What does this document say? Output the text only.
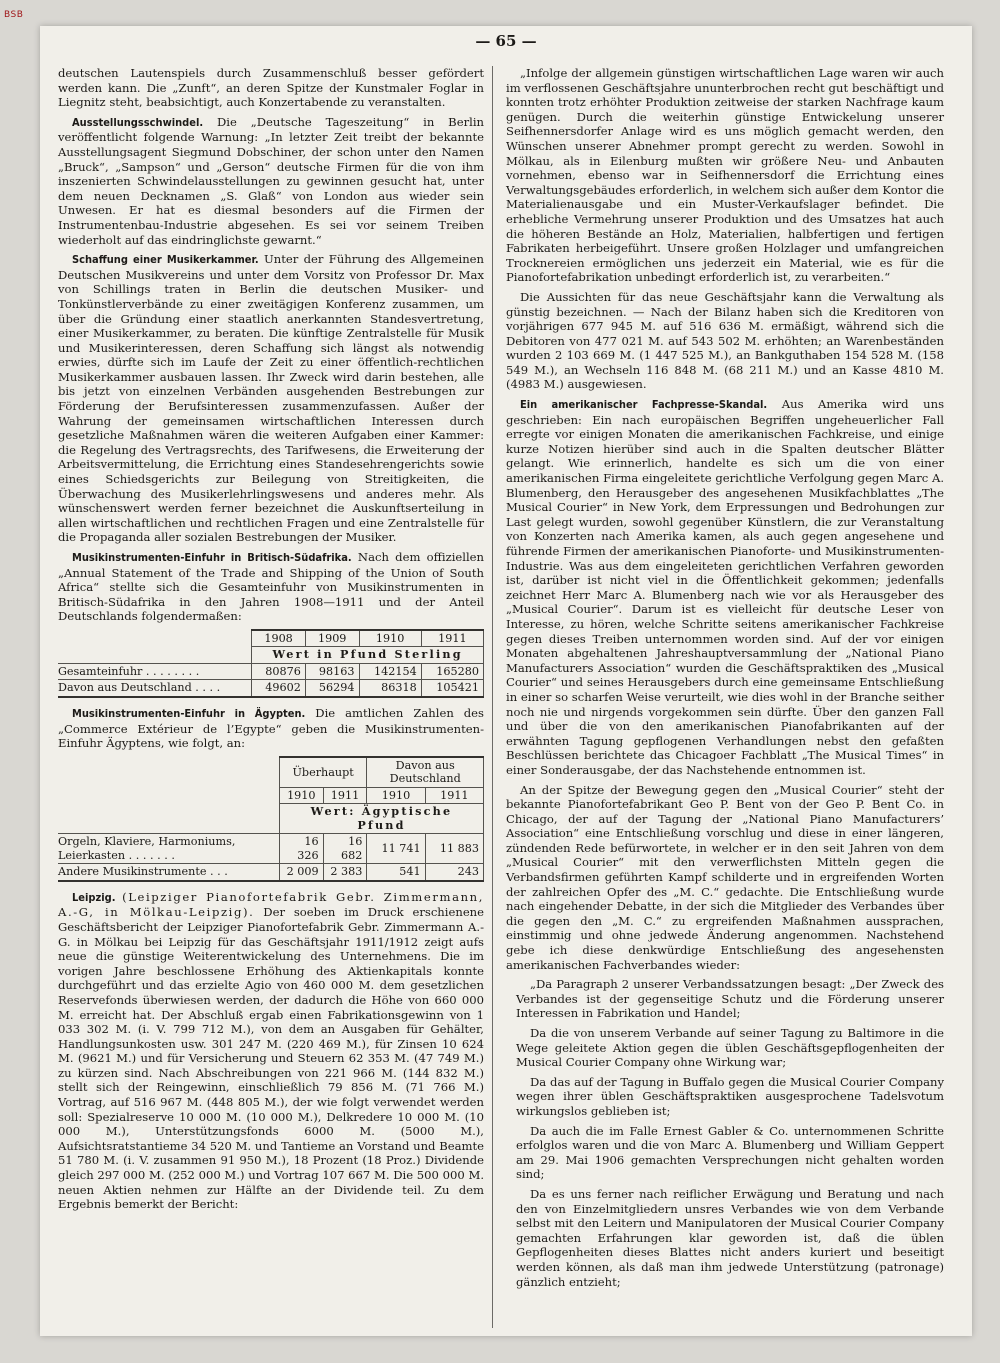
BSB
— 65 —

deutschen Lautenspiels durch Zusammenschluß besser gefördert werden kann. Die „Zunft“, an deren Spitze der Kunstmaler Foglar in Liegnitz steht, beabsichtigt, auch Konzertabende zu veranstalten.

Ausstellungsschwindel. Die „Deutsche Tageszeitung“ in Berlin veröffentlicht folgende Warnung: „In letzter Zeit treibt der bekannte Ausstellungsagent Siegmund Dobschiner, der schon unter den Namen „Bruck“, „Sampson“ und „Gerson“ deutsche Firmen für die von ihm inszenierten Schwindelausstellungen zu gewinnen gesucht hat, unter dem neuen Decknamen „S. Glaß“ von London aus wieder sein Unwesen. Er hat es diesmal besonders auf die Firmen der Instrumentenbau-Industrie abgesehen. Es sei vor seinem Treiben wiederholt auf das eindringlichste gewarnt.“

Schaffung einer Musikerkammer. Unter der Führung des Allgemeinen Deutschen Musikvereins und unter dem Vorsitz von Professor Dr. Max von Schillings traten in Berlin die deutschen Musiker- und Tonkünstlerverbände zu einer zweitägigen Konferenz zusammen, um über die Gründung einer staatlich anerkannten Standesvertretung, einer Musikerkammer, zu beraten. Die künftige Zentralstelle für Musik und Musikerinteressen, deren Schaffung sich längst als notwendig erwies, dürfte sich im Laufe der Zeit zu einer öffentlich-rechtlichen Musikerkammer ausbauen lassen. Ihr Zweck wird darin bestehen, alle bis jetzt von einzelnen Verbänden ausgehenden Bestrebungen zur Förderung der Berufsinteressen zusammenzufassen. Außer der Wahrung der gemeinsamen wirtschaftlichen Interessen durch gesetzliche Maßnahmen wären die weiteren Aufgaben einer Kammer: die Regelung des Vertragsrechts, des Tarifwesens, die Erweiterung der Arbeitsvermittelung, die Errichtung eines Standesehrengerichts sowie eines Schiedsgerichts zur Beilegung von Streitigkeiten, die Überwachung des Musikerlehrlingswesens und anderes mehr. Als wünschenswert werden ferner bezeichnet die Auskunftserteilung in allen wirtschaftlichen und rechtlichen Fragen und eine Zentralstelle für die Propaganda aller sozialen Bestrebungen der Musiker.

Musikinstrumenten-Einfuhr in Britisch-Südafrika. Nach dem offiziellen „Annual Statement of the Trade and Shipping of the Union of South Africa“ stellte sich die Gesamteinfuhr von Musikinstrumenten in Britisch-Südafrika in den Jahren 1908—1911 und der Anteil Deutschlands folgendermaßen:

	1908	1909	1910	1911
	Wert in Pfund Sterling			
Gesamteinfuhr . . . . . . . .	80876	98163	142154	165280
Davon aus Deutschland . . . .	49602	56294	86318	105421

Musikinstrumenten-Einfuhr in Ägypten. Die amtlichen Zahlen des „Commerce Extérieur de l’Egypte“ geben die Musikinstrumenten-Einfuhr Ägyptens, wie folgt, an:

	Überhaupt		Davon aus Deutschland	
	1910	1911	1910	1911
	Wert: Ägyptische Pfund			
Orgeln, Klaviere, Harmoniums, Leierkasten . . . . . . .	16 326	16 682	11 741	11 883
Andere Musikinstrumente . . .	2 009	2 383	541	243

Leipzig. (Leipziger Pianofortefabrik Gebr. Zimmermann, A.-G, in Mölkau-Leipzig). Der soeben im Druck erschienene Geschäftsbericht der Leipziger Pianofortefabrik Gebr. Zimmermann A.-G. in Mölkau bei Leipzig für das Geschäftsjahr 1911/1912 zeigt aufs neue die günstige Weiterentwickelung des Unternehmens. Die im vorigen Jahre beschlossene Erhöhung des Aktienkapitals konnte durchgeführt und das erzielte Agio von 460 000 M. dem gesetzlichen Reservefonds überwiesen werden, der dadurch die Höhe von 660 000 M. erreicht hat. Der Abschluß ergab einen Fabrikationsgewinn von 1 033 302 M. (i. V. 799 712 M.), von dem an Ausgaben für Gehälter, Handlungsunkosten usw. 301 247 M. (220 469 M.), für Zinsen 10 624 M. (9621 M.) und für Versicherung und Steuern 62 353 M. (47 749 M.) zu kürzen sind. Nach Abschreibungen von 221 966 M. (144 832 M.) stellt sich der Reingewinn, einschließlich 79 856 M. (71 766 M.) Vortrag, auf 516 967 M. (448 805 M.), der wie folgt verwendet werden soll: Spezialreserve 10 000 M. (10 000 M.), Delkredere 10 000 M. (10 000 M.), Unterstützungsfonds 6000 M. (5000 M.), Aufsichtsratstantieme 34 520 M. und Tantieme an Vorstand und Beamte 51 780 M. (i. V. zusammen 91 950 M.), 18 Prozent (18 Proz.) Dividende gleich 297 000 M. (252 000 M.) und Vortrag 107 667 M. Die 500 000 M. neuen Aktien nehmen zur Hälfte an der Dividende teil. Zu dem Ergebnis bemerkt der Bericht:

„Infolge der allgemein günstigen wirtschaftlichen Lage waren wir auch im verflossenen Geschäftsjahre ununterbrochen recht gut beschäftigt und konnten trotz erhöhter Produktion zeitweise der starken Nachfrage kaum genügen. Durch die weiterhin günstige Entwickelung unserer Seifhennersdorfer Anlage wird es uns möglich gemacht werden, den Wünschen unserer Abnehmer prompt gerecht zu werden. Sowohl in Mölkau, als in Eilenburg mußten wir größere Neu- und Anbauten vornehmen, ebenso war in Seifhennersdorf die Errichtung eines Verwaltungsgebäudes erforderlich, in welchem sich außer dem Kontor die Materialienausgabe und ein Muster-Verkaufslager befindet. Die erhebliche Vermehrung unserer Produktion und des Umsatzes hat auch die höheren Bestände an Holz, Materialien, halbfertigen und fertigen Fabrikaten herbeigeführt. Unsere großen Holzlager und umfangreichen Trocknereien ermöglichen uns jederzeit ein Material, wie es für die Pianofortefabrikation unbedingt erforderlich ist, zu verarbeiten.“

Die Aussichten für das neue Geschäftsjahr kann die Verwaltung als günstig bezeichnen. — Nach der Bilanz haben sich die Kreditoren von vorjährigen 677 945 M. auf 516 636 M. ermäßigt, während sich die Debitoren von 477 021 M. auf 543 502 M. erhöhten; an Warenbeständen wurden 2 103 669 M. (1 447 525 M.), an Bankguthaben 154 528 M. (158 549 M.), an Wechseln 116 848 M. (68 211 M.) und an Kasse 4810 M. (4983 M.) ausgewiesen.

Ein amerikanischer Fachpresse-Skandal. Aus Amerika wird uns geschrieben: Ein nach europäischen Begriffen ungeheuerlicher Fall erregte vor einigen Monaten die amerikanischen Fachkreise, und einige kurze Notizen hierüber sind auch in die Spalten deutscher Blätter gelangt. Wie erinnerlich, handelte es sich um die von einer amerikanischen Firma eingeleitete gerichtliche Verfolgung gegen Marc A. Blumenberg, den Herausgeber des angesehenen Musikfachblattes „The Musical Courier“ in New York, dem Erpressungen und Bedrohungen zur Last gelegt wurden, sowohl gegenüber Künstlern, die zur Veranstaltung von Konzerten nach Amerika kamen, als auch gegen angesehene und führende Firmen der amerikanischen Pianoforte- und Musikinstrumenten-Industrie. Was aus dem eingeleiteten gerichtlichen Verfahren geworden ist, darüber ist nicht viel in die Öffentlichkeit gekommen; jedenfalls zeichnet Herr Marc A. Blumenberg nach wie vor als Herausgeber des „Musical Courier“. Darum ist es vielleicht für deutsche Leser von Interesse, zu hören, welche Schritte seitens amerikanischer Fachkreise gegen dieses Treiben unternommen worden sind. Auf der vor einigen Monaten abgehaltenen Jahreshauptversammlung der „National Piano Manufacturers Association“ wurden die Geschäftspraktiken des „Musical Courier“ und seines Herausgebers durch eine gemeinsame Entschließung in einer so scharfen Weise verurteilt, wie dies wohl in der Branche seither noch nie und nirgends vorgekommen sein dürfte. Über den ganzen Fall und über die von den amerikanischen Pianofabrikanten auf der erwähnten Tagung gepflogenen Verhandlungen nebst den gefaßten Beschlüssen berichtete das Chicagoer Fachblatt „The Musical Times“ in einer Sonderausgabe, der das Nachstehende entnommen ist.

An der Spitze der Bewegung gegen den „Musical Courier“ steht der bekannte Pianofortefabrikant Geo P. Bent von der Geo P. Bent Co. in Chicago, der auf der Tagung der „National Piano Manufacturers’ Association“ eine Entschließung vorschlug und diese in einer längeren, zündenden Rede befürwortete, in welcher er in den seit Jahren von dem „Musical Courier“ mit den verwerflichsten Mitteln gegen die Verbandsfirmen geführten Kampf schilderte und in ergreifenden Worten der zahlreichen Opfer des „M. C.“ gedachte. Die Entschließung wurde nach eingehender Debatte, in der sich die Mitglieder des Verbandes über die gegen den „M. C.“ zu ergreifenden Maßnahmen aussprachen, einstimmig und ohne jedwede Änderung angenommen. Nachstehend gebe ich diese denkwürdige Entschließung des angesehensten amerikanischen Fachverbandes wieder:

„Da Paragraph 2 unserer Verbandssatzungen besagt: „Der Zweck des Verbandes ist der gegenseitige Schutz und die Förderung unserer Interessen in Fabrikation und Handel;

Da die von unserem Verbande auf seiner Tagung zu Baltimore in die Wege geleitete Aktion gegen die üblen Geschäftsgepflogenheiten der Musical Courier Company ohne Wirkung war;

Da das auf der Tagung in Buffalo gegen die Musical Courier Company wegen ihrer üblen Geschäftspraktiken ausgesprochene Tadelsvotum wirkungslos geblieben ist;

Da auch die im Falle Ernest Gabler & Co. unternommenen Schritte erfolglos waren und die von Marc A. Blumenberg und William Geppert am 29. Mai 1906 gemachten Versprechungen nicht gehalten worden sind;

Da es uns ferner nach reiflicher Erwägung und Beratung und nach den von Einzelmitgliedern unsres Verbandes wie von dem Verbande selbst mit den Leitern und Manipulatoren der Musical Courier Company gemachten Erfahrungen klar geworden ist, daß die üblen Gepflogenheiten dieses Blattes nicht anders kuriert und beseitigt werden können, als daß man ihm jedwede Unterstützung (patronage) gänzlich entzieht;
